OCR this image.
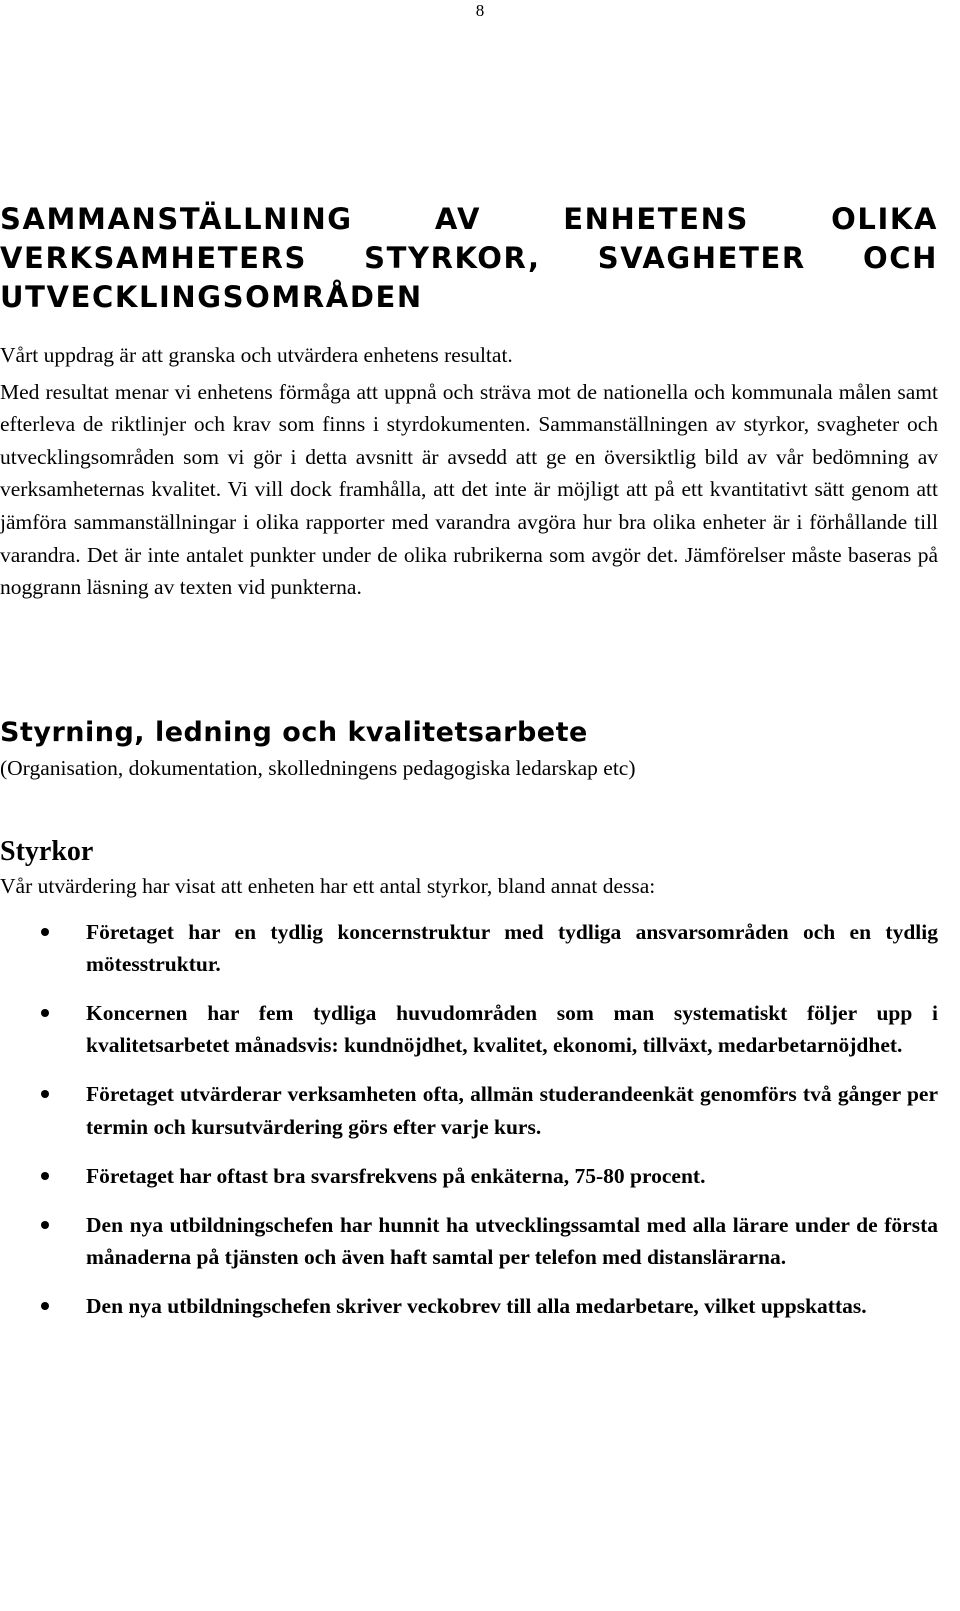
8
SAMMANSTÄLLNING AV ENHETENS OLIKA VERKSAMHETERS STYRKOR, SVAGHETER OCH UTVECKLINGSOMRÅDEN

Vårt uppdrag är att granska och utvärdera enhetens resultat.

Med resultat menar vi enhetens förmåga att uppnå och sträva mot de nationella och kommunala målen samt efterleva de riktlinjer och krav som finns i styrdokumenten. Sammanställningen av styrkor, svagheter och utvecklingsområden som vi gör i detta avsnitt är avsedd att ge en översiktlig bild av vår bedömning av verksamheternas kvalitet. Vi vill dock framhålla, att det inte är möjligt att på ett kvantitativt sätt genom att jämföra sammanställningar i olika rapporter med varandra avgöra hur bra olika enheter är i förhållande till varandra. Det är inte antalet punkter under de olika rubrikerna som avgör det. Jämförelser måste baseras på noggrann läsning av texten vid punkterna.

Styrning, ledning och kvalitetsarbete

(Organisation, dokumentation, skolledningens pedagogiska ledarskap etc)

Styrkor

Vår utvärdering har visat att enheten har ett antal styrkor, bland annat dessa:

Företaget har en tydlig koncernstruktur med tydliga ansvarsområden och en tydlig mötesstruktur.
Koncernen har fem tydliga huvudområden som man systematiskt följer upp i kvalitetsarbetet månadsvis: kundnöjdhet, kvalitet, ekonomi, tillväxt, medarbetarnöjdhet.
Företaget utvärderar verksamheten ofta, allmän studerandeenkät genomförs två gånger per termin och kursutvärdering görs efter varje kurs.
Företaget har oftast bra svarsfrekvens på enkäterna, 75-80 procent.
Den nya utbildningschefen har hunnit ha utvecklingssamtal med alla lärare under de första månaderna på tjänsten och även haft samtal per telefon med distanslärarna.
Den nya utbildningschefen skriver veckobrev till alla medarbetare, vilket uppskattas.
